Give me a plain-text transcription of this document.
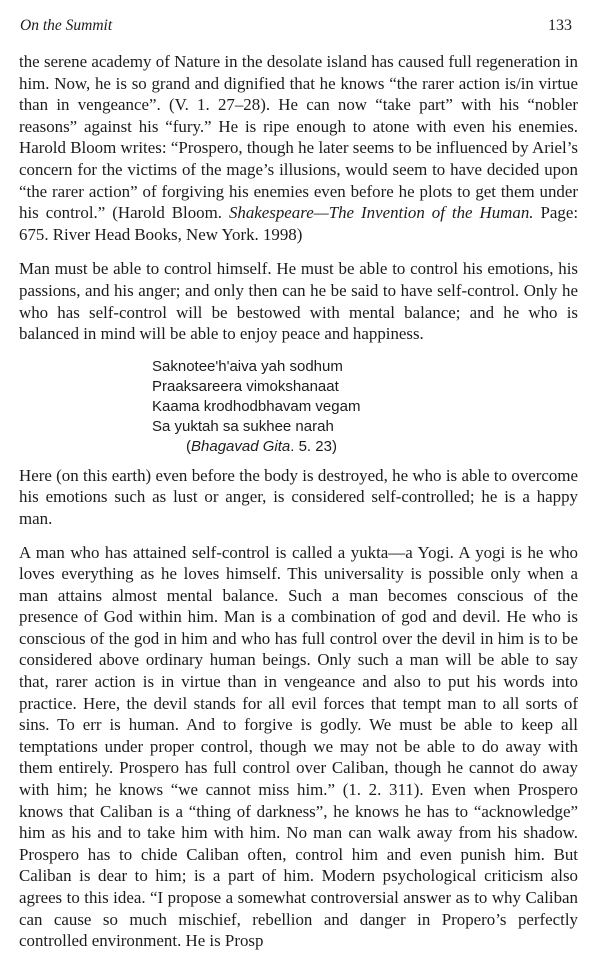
On the Summit	133

the serene academy of Nature in the desolate island has caused full regeneration in him. Now, he is so grand and dignified that he knows “the rarer action is/in virtue than in vengeance”. (V. 1. 27–28). He can now “take part” with his “nobler reasons” against his “fury.” He is ripe enough to atone with even his enemies. Harold Bloom writes: “Prospero, though he later seems to be influenced by Ariel’s concern for the victims of the mage’s illusions, would seem to have decided upon “the rarer action” of forgiving his enemies even before he plots to get them under his control.” (Harold Bloom. Shakespeare—The Invention of the Human. Page: 675. River Head Books, New York. 1998)

Man must be able to control himself. He must be able to control his emotions, his passions, and his anger; and only then can he be said to have self-control. Only he who has self-control will be bestowed with mental balance; and he who is balanced in mind will be able to enjoy peace and happiness.

Saknotee'h'aiva yah sodhum
Praaksareera vimokshanaat
Kaama krodhodbhavam vegam
Sa yuktah sa sukhee narah
(Bhagavad Gita. 5. 23)

Here (on this earth) even before the body is destroyed, he who is able to overcome his emotions such as lust or anger, is considered self-controlled; he is a happy man.

A man who has attained self-control is called a yukta—a Yogi. A yogi is he who loves everything as he loves himself. This universality is possible only when a man attains almost mental balance. Such a man becomes conscious of the presence of God within him. Man is a combination of god and devil. He who is conscious of the god in him and who has full control over the devil in him is to be considered above ordinary human beings. Only such a man will be able to say that, rarer action is in virtue than in vengeance and also to put his words into practice. Here, the devil stands for all evil forces that tempt man to all sorts of sins. To err is human. And to forgive is godly. We must be able to keep all temptations under proper control, though we may not be able to do away with them entirely. Prospero has full control over Caliban, though he cannot do away with him; he knows “we cannot miss him.” (1. 2. 311). Even when Prospero knows that Caliban is a “thing of darkness”, he knows he has to “acknowledge” him as his and to take him with him. No man can walk away from his shadow. Prospero has to chide Caliban often, control him and even punish him. But Caliban is dear to him; is a part of him. Modern psychological criticism also agrees to this idea. “I propose a somewhat controversial answer as to why Caliban can cause so much mischief, rebellion and danger in Propero’s perfectly controlled environment. He is Prosp
